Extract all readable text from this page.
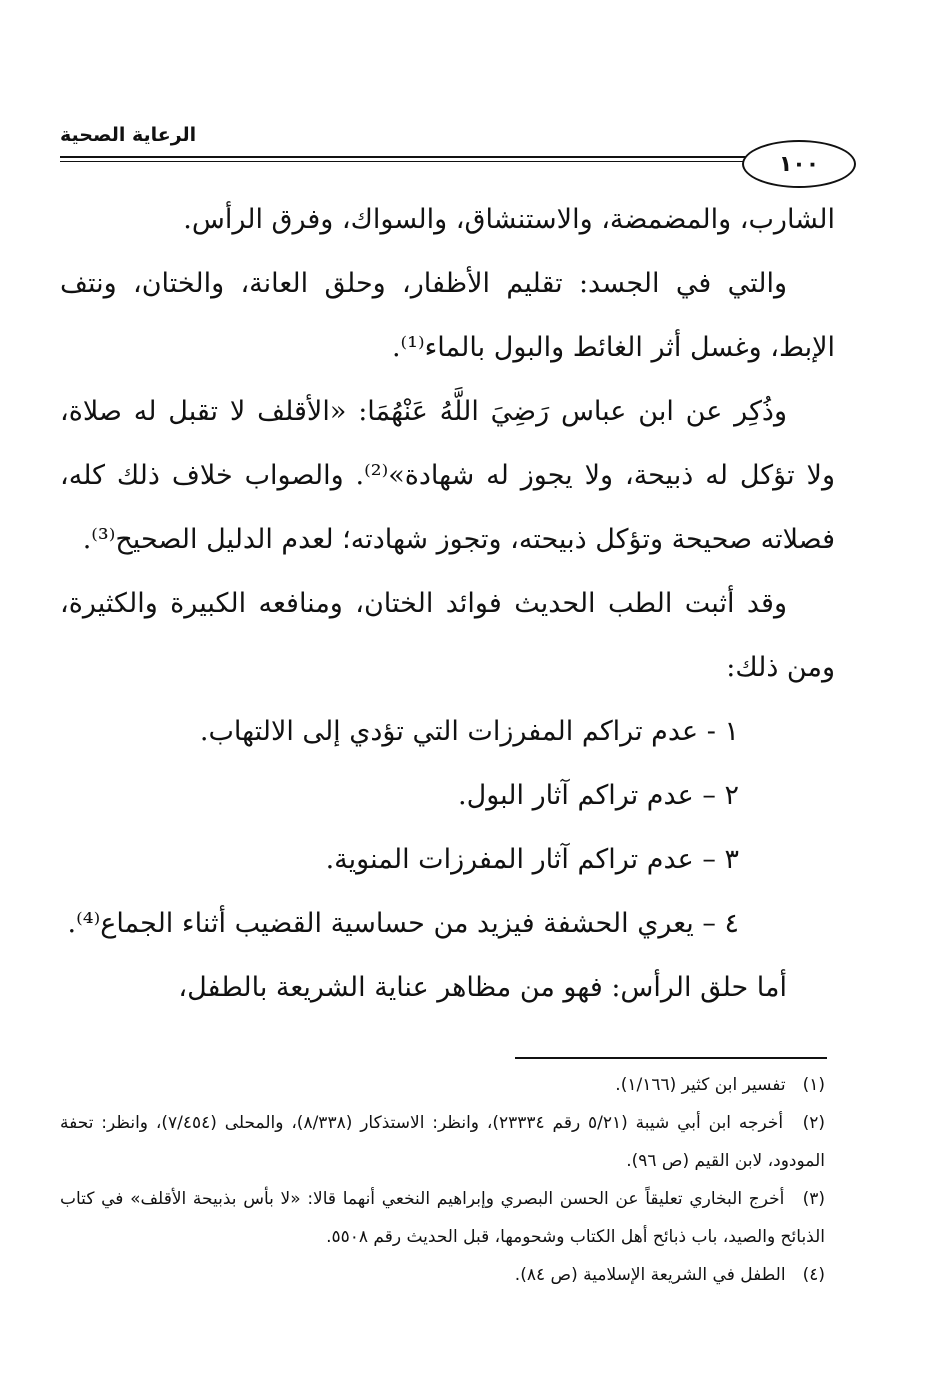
الرعاية الصحية
١٠٠

الشارب، والمضمضة، والاستنشاق، والسواك، وفرق الرأس.

والتي في الجسد: تقليم الأظفار، وحلق العانة، والختان، ونتف الإبط، وغسل أثر الغائط والبول بالماء⁽¹⁾.

وذُكِر عن ابن عباس رَضِيَ اللَّهُ عَنْهُمَا: «الأقلف لا تقبل له صلاة، ولا تؤكل له ذبيحة، ولا يجوز له شهادة»⁽²⁾. والصواب خلاف ذلك كله، فصلاته صحيحة وتؤكل ذبيحته، وتجوز شهادته؛ لعدم الدليل الصحيح⁽³⁾.

وقد أثبت الطب الحديث فوائد الختان، ومنافعه الكبيرة والكثيرة، ومن ذلك:

١ - عدم تراكم المفرزات التي تؤدي إلى الالتهاب.

٢ – عدم تراكم آثار البول.

٣ – عدم تراكم آثار المفرزات المنوية.

٤ – يعري الحشفة فيزيد من حساسية القضيب أثناء الجماع⁽⁴⁾.

أما حلق الرأس: فهو من مظاهر عناية الشريعة بالطفل،

(١) تفسير ابن كثير (١/١٦٦).

(٢) أخرجه ابن أبي شيبة (٥/٢١ رقم ٢٣٣٣٤)، وانظر: الاستذكار (٨/٣٣٨)، والمحلى (٧/٤٥٤)، وانظر: تحفة المودود، لابن القيم (ص ٩٦).

(٣) أخرج البخاري تعليقاً عن الحسن البصري وإبراهيم النخعي أنهما قالا: «لا بأس بذبيحة الأقلف» في كتاب الذبائح والصيد، باب ذبائح أهل الكتاب وشحومها، قبل الحديث رقم ٥٥٠٨.

(٤) الطفل في الشريعة الإسلامية (ص ٨٤).
